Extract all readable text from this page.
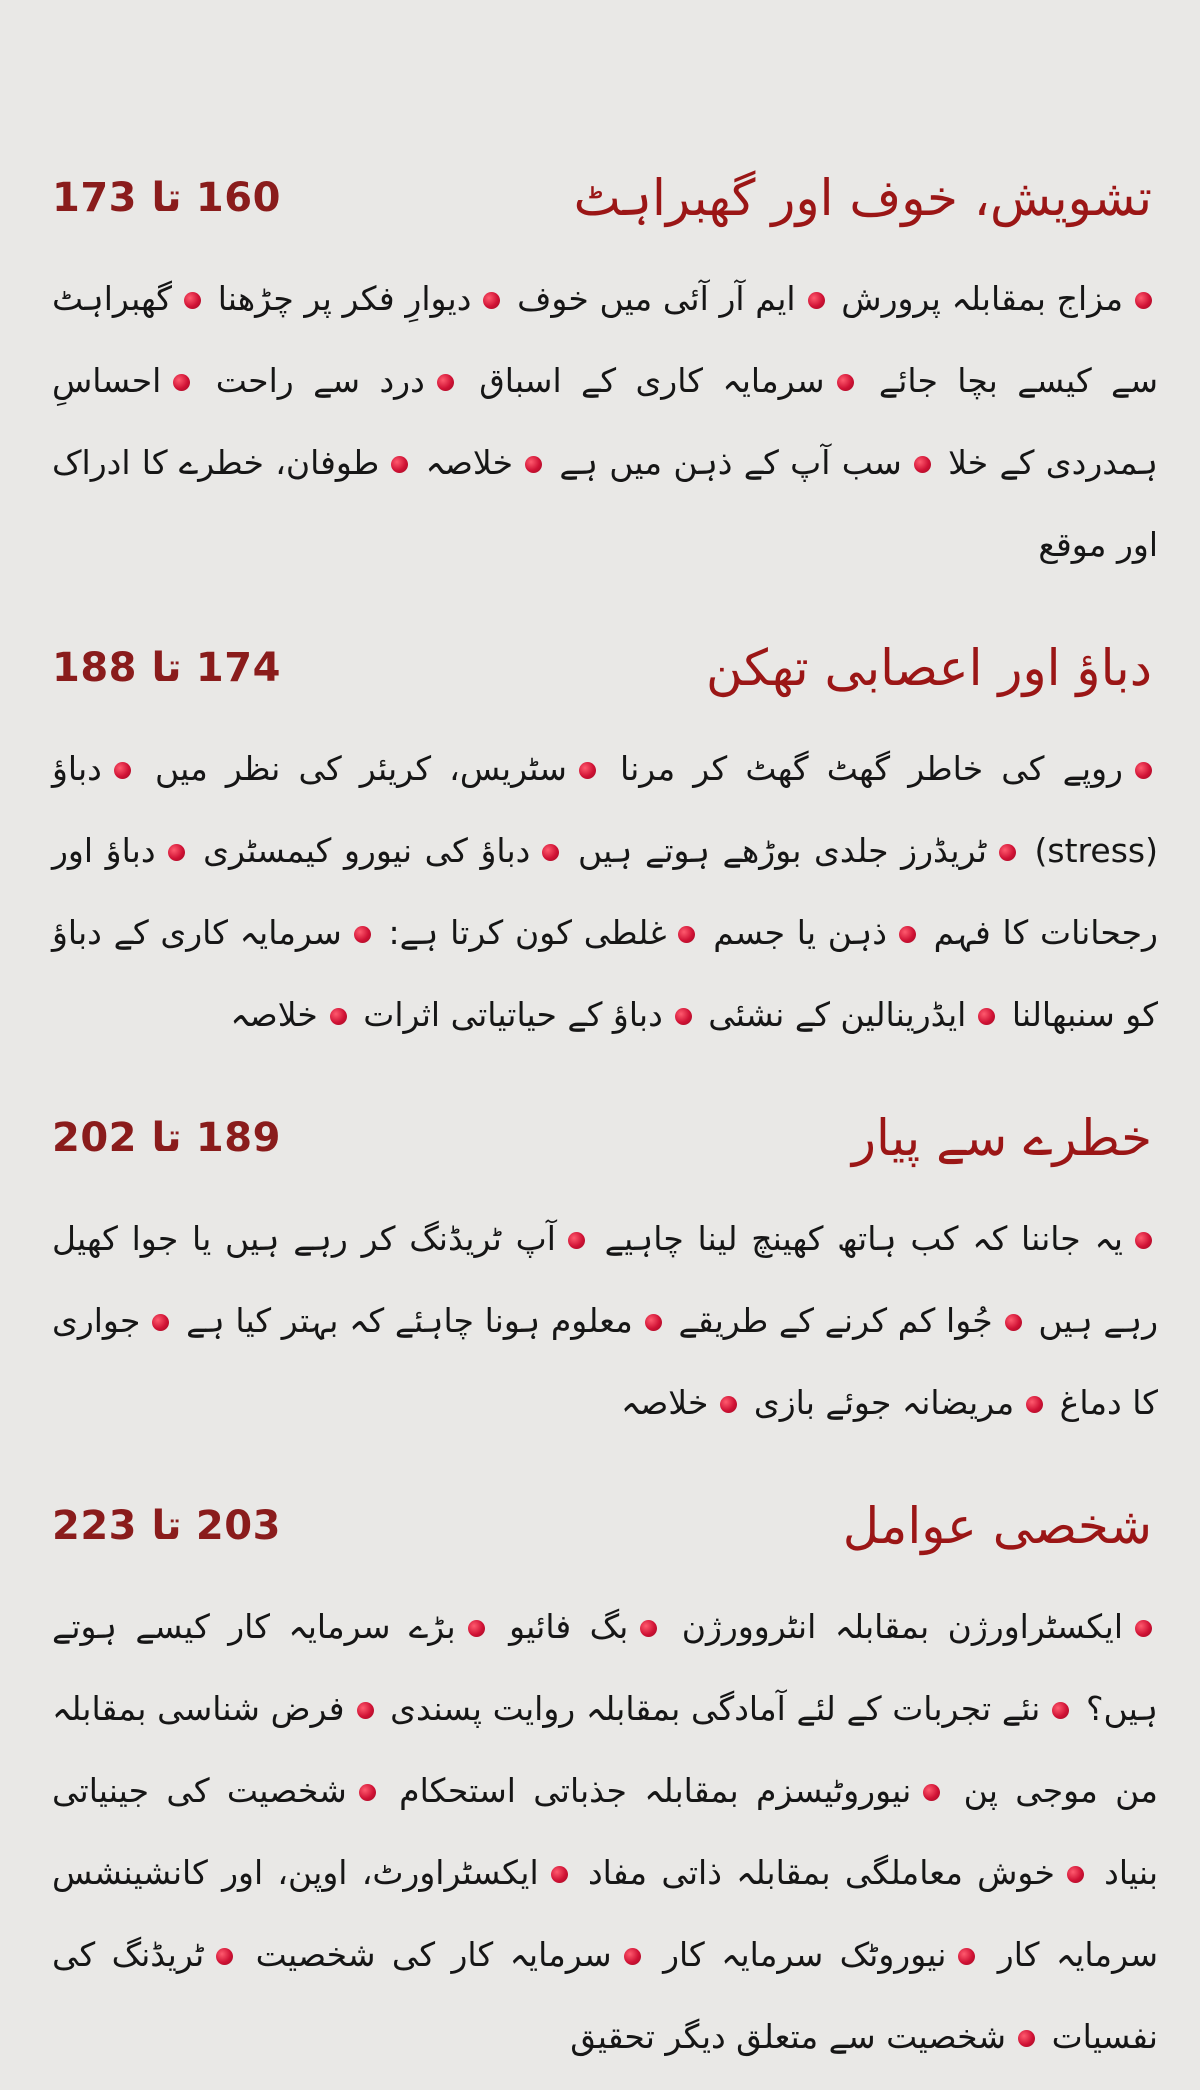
173 تا 160	تشویش، خوف اور گھبراہٹ
مزاج بمقابلہ پرورش ایم آر آئی میں خوف دیوارِ فکر پر چڑھنا گھبراہٹ سے کیسے بچا جائے سرمایہ کاری کے اسباق درد سے راحت احساسِ ہمدردی کے خلا سب آپ کے ذہن میں ہے خلاصہ طوفان، خطرے کا ادراک اور موقع
188 تا 174	دباؤ اور اعصابی تھکن
روپے کی خاطر گھٹ گھٹ کر مرنا سٹریس، کریئر کی نظر میں دباؤ (stress) ٹریڈرز جلدی بوڑھے ہوتے ہیں دباؤ کی نیورو کیمسٹری دباؤ اور رجحانات کا فہم ذہن یا جسم غلطی کون کرتا ہے: سرمایہ کاری کے دباؤ کو سنبھالنا ایڈرینالین کے نشئی دباؤ کے حیاتیاتی اثرات خلاصہ
202 تا 189	خطرے سے پیار
یہ جاننا کہ کب ہاتھ کھینچ لینا چاہیے آپ ٹریڈنگ کر رہے ہیں یا جوا کھیل رہے ہیں جُوا کم کرنے کے طریقے معلوم ہونا چاہئے کہ بہتر کیا ہے جواری کا دماغ مریضانہ جوئے بازی خلاصہ
223 تا 203	شخصی عوامل
ایکسٹراورژن بمقابلہ انٹروورژن بگ فائیو بڑے سرمایہ کار کیسے ہوتے ہیں؟ نئے تجربات کے لئے آمادگی بمقابلہ روایت پسندی فرض شناسی بمقابلہ من موجی پن نیوروٹیسزم بمقابلہ جذباتی استحکام شخصیت کی جینیاتی بنیاد خوش معاملگی بمقابلہ ذاتی مفاد ایکسٹراورٹ، اوپن، اور کانشینشس سرمایہ کار نیوروٹک سرمایہ کار سرمایہ کار کی شخصیت ٹریڈنگ کی نفسیات شخصیت سے متعلق دیگر تحقیق
